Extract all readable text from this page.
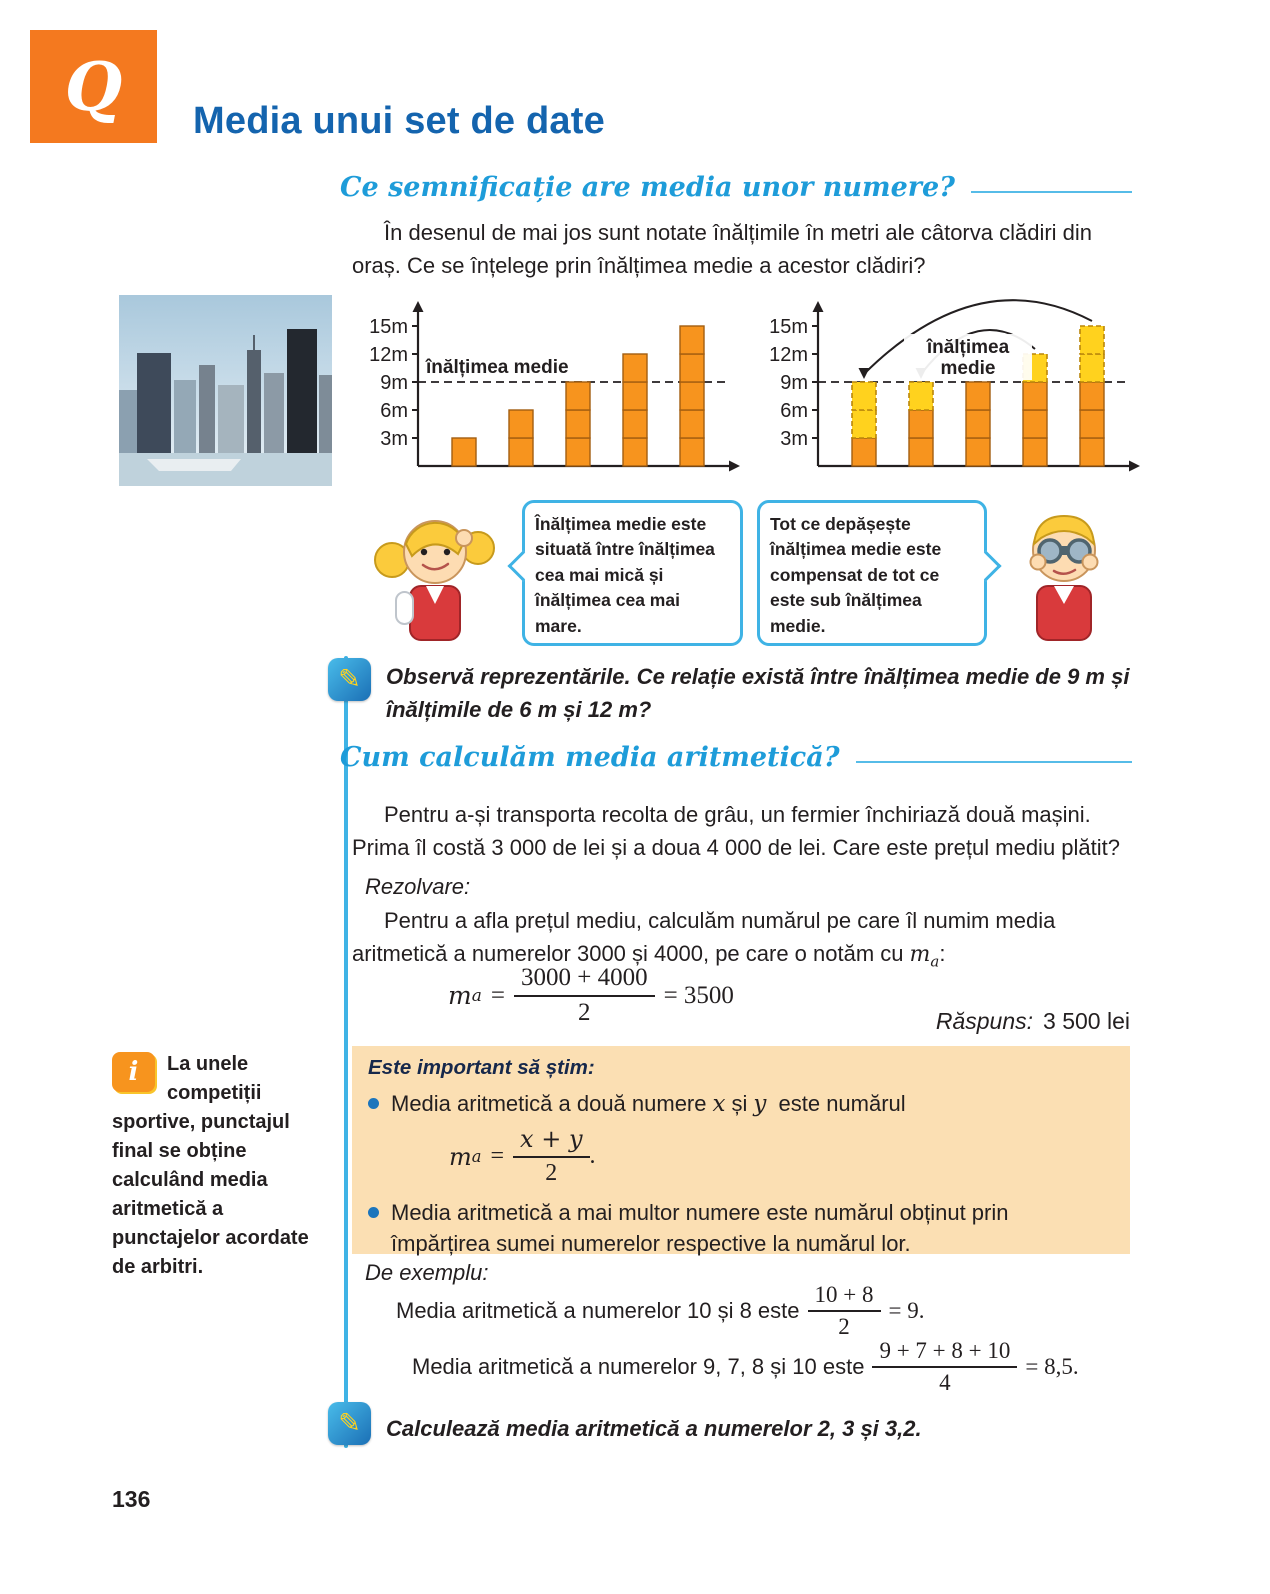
Q Media unui set de date
Ce semnificație are media unor numere?

În desenul de mai jos sunt notate înălțimile în metri ale câtorva clădiri din oraș. Ce se înțelege prin înălțimea medie a acestor clădiri?

3m
6m
9m
12m
15m
înălțimea medie
3m
6m
9m
12m
15m
înălțimea
medie
Înălțimea medie este situată între înălțimea cea mai mică și înălțimea cea mai mare.
Tot ce depășește înălțimea medie este compensat de tot ce este sub înălțimea medie.
✎ Observă reprezentările. Ce relație există între înălțimea medie de 9 m și înălțimile de 6 m și 12 m?

Cum calculăm media aritmetică?

Pentru a-și transporta recolta de grâu, un fermier închiriază două mașini. Prima îl costă 3 000 de lei și a doua 4 000 de lei. Care este prețul mediu plătit?

Rezolvare:

Pentru a afla prețul mediu, calculăm numărul pe care îl numim media aritmetică a numerelor 3000 și 4000, pe care o notăm cu $m_a$:

m $a = \frac{3000 + 4000}{2} = 3500$

Răspuns: 3 500 lei

i	La unele competiții sportive, punctajul final se obține calculând media aritmetică a punctajelor acordate de arbitri.

Este important să știm:

Media aritmetică a două numere x și y este numărul

m $a = \frac{x + y}{2}$ .

Media aritmetică a mai multor numere este numărul obținut prin împărțirea sumei numerelor respective la numărul lor.

De exemplu:

Media aritmetică a numerelor 10 și 8 este $\frac{10 + 8}{2} = 9$.
Media aritmetică a numerelor 9, 7, 8 și 10 este $\frac{9 + 7 + 8 + 10}{4} = 8,5$.
✎ Calculează media aritmetică a numerelor 2, 3 și 3,2.

136
